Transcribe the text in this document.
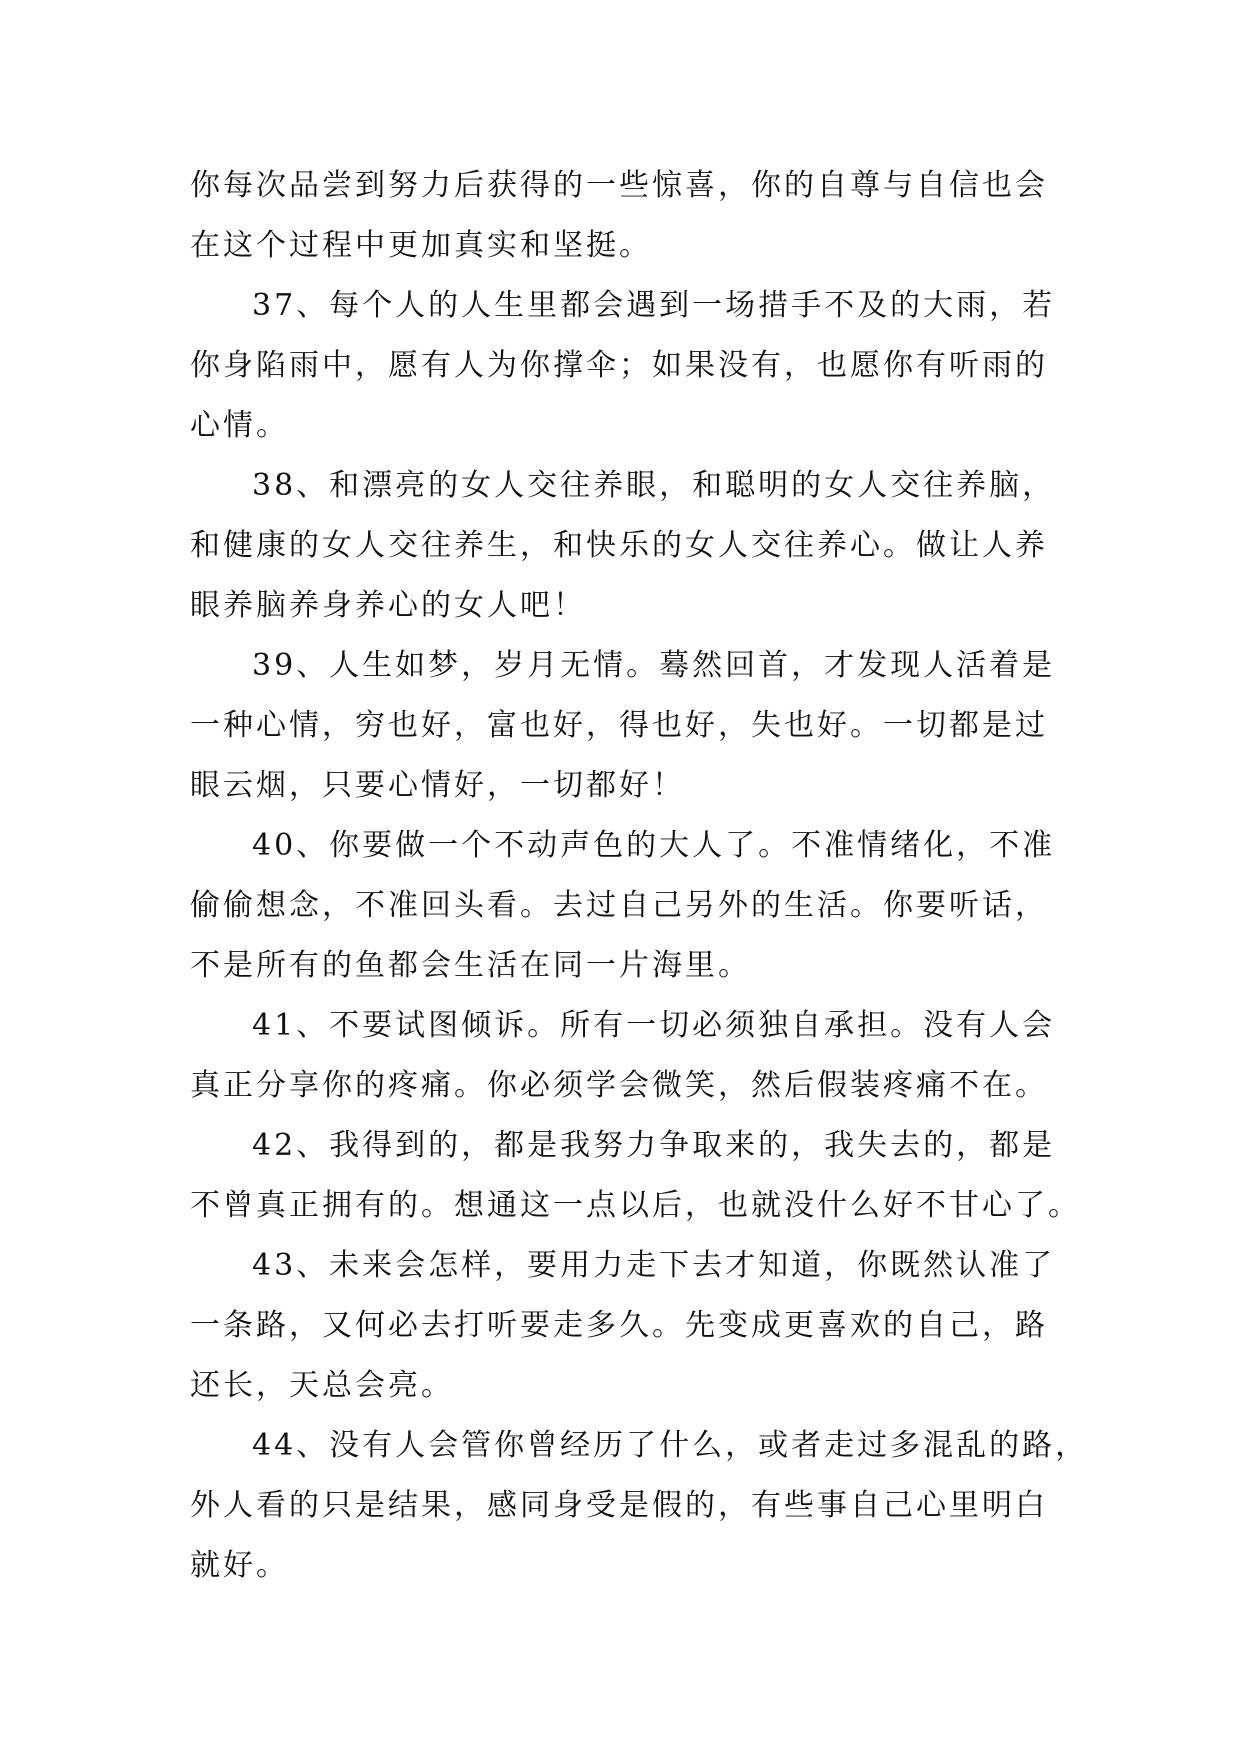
你每次品尝到努力后获得的一些惊喜，你的自尊与自信也会
在这个过程中更加真实和坚挺。

37、每个人的人生里都会遇到一场措手不及的大雨，若
你身陷雨中，愿有人为你撑伞；如果没有，也愿你有听雨的
心情。

38、和漂亮的女人交往养眼，和聪明的女人交往养脑，
和健康的女人交往养生，和快乐的女人交往养心。做让人养
眼养脑养身养心的女人吧！

39、人生如梦，岁月无情。蓦然回首，才发现人活着是
一种心情，穷也好，富也好，得也好，失也好。一切都是过
眼云烟，只要心情好，一切都好！

40、你要做一个不动声色的大人了。不准情绪化，不准
偷偷想念，不准回头看。去过自己另外的生活。你要听话，
不是所有的鱼都会生活在同一片海里。

41、不要试图倾诉。所有一切必须独自承担。没有人会
真正分享你的疼痛。你必须学会微笑，然后假装疼痛不在。

42、我得到的，都是我努力争取来的，我失去的，都是
不曾真正拥有的。想通这一点以后，也就没什么好不甘心了。

43、未来会怎样，要用力走下去才知道，你既然认准了
一条路，又何必去打听要走多久。先变成更喜欢的自己，路
还长，天总会亮。

44、没有人会管你曾经历了什么，或者走过多混乱的路，
外人看的只是结果，感同身受是假的，有些事自己心里明白
就好。
